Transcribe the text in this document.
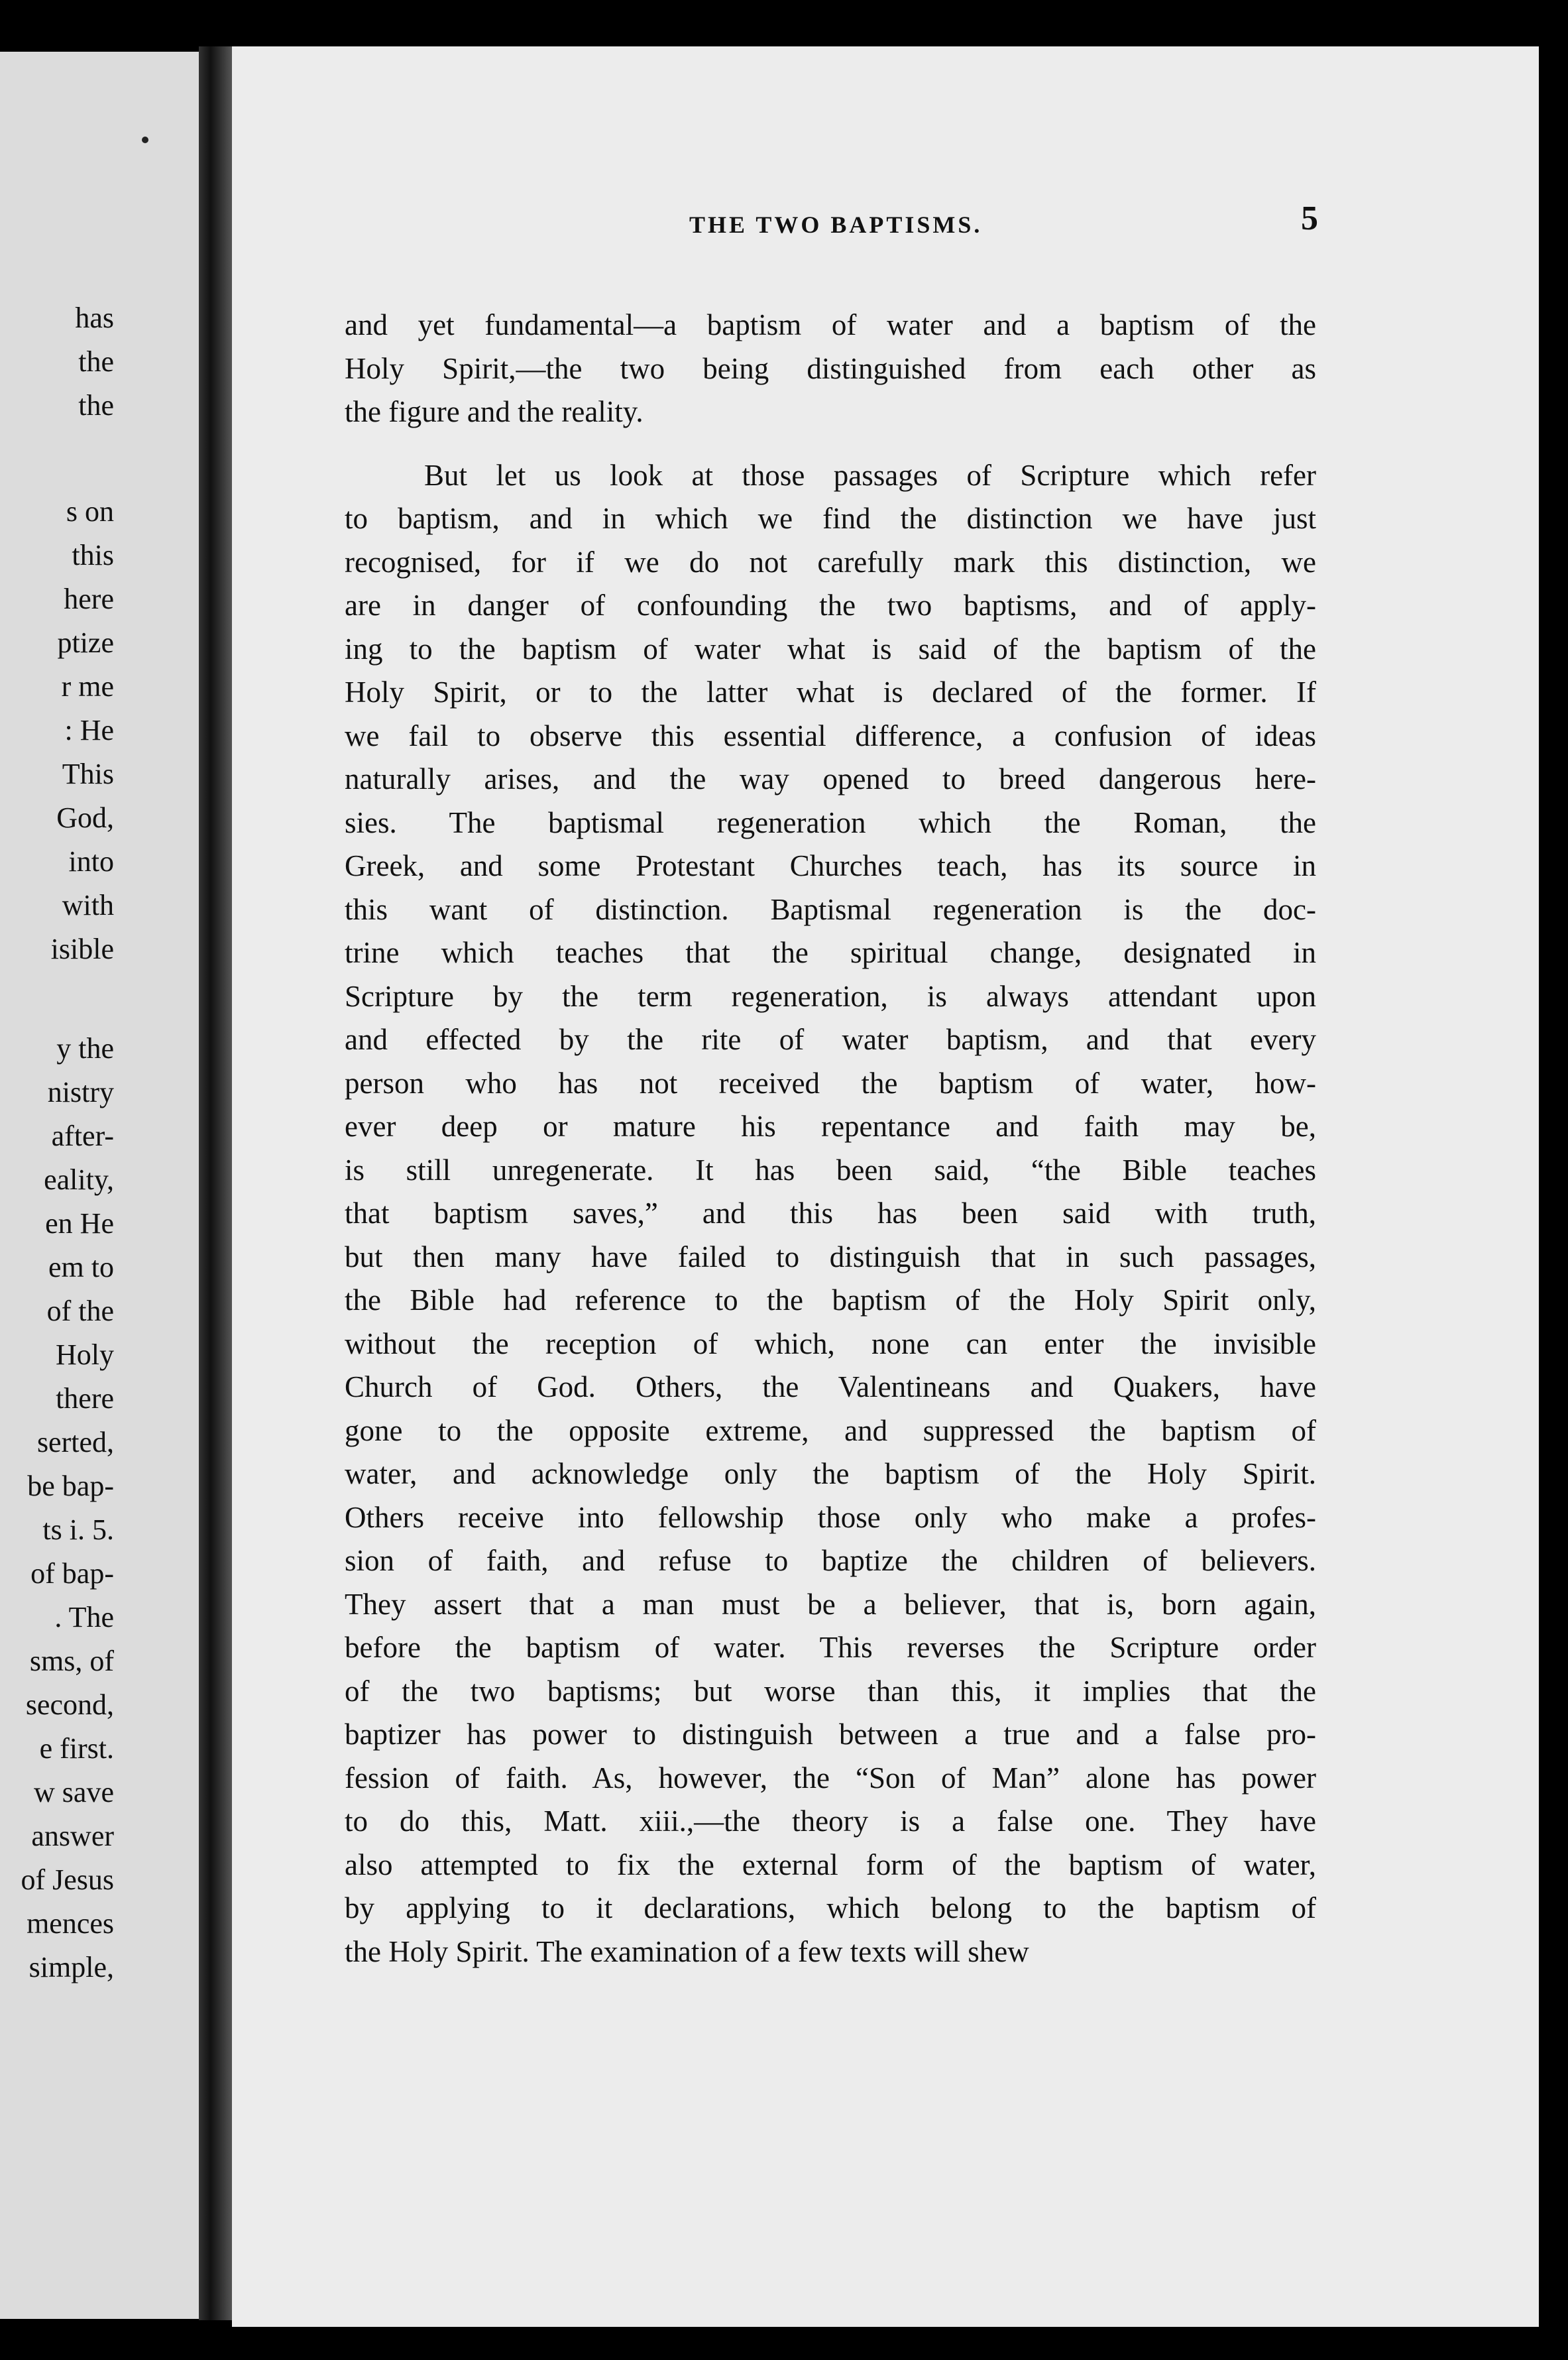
has
the
the
s on
this
here
ptize
r me
: He
This
God,
into
with
isible
y the
nistry
after-
eality,
en He
em to
of the
Holy
there
serted,
be bap-
ts i. 5.
of bap-
. The
sms, of
second,
e first.
w save
answer
of Jesus
mences
simple,
THE TWO BAPTISMS.	5
and yet fundamental—a baptism of water and a baptism of the
Holy Spirit,—the two being distinguished from each other as
the figure and the reality.
But let us look at those passages of Scripture which refer
to baptism, and in which we find the distinction we have just
recognised, for if we do not carefully mark this distinction, we
are in danger of confounding the two baptisms, and of apply-
ing to the baptism of water what is said of the baptism of the
Holy Spirit, or to the latter what is declared of the former. If
we fail to observe this essential difference, a confusion of ideas
naturally arises, and the way opened to breed dangerous here-
sies. The baptismal regeneration which the Roman, the
Greek, and some Protestant Churches teach, has its source in
this want of distinction. Baptismal regeneration is the doc-
trine which teaches that the spiritual change, designated in
Scripture by the term regeneration, is always attendant upon
and effected by the rite of water baptism, and that every
person who has not received the baptism of water, how-
ever deep or mature his repentance and faith may be,
is still unregenerate. It has been said, “the Bible teaches
that baptism saves,” and this has been said with truth,
but then many have failed to distinguish that in such passages,
the Bible had reference to the baptism of the Holy Spirit only,
without the reception of which, none can enter the invisible
Church of God. Others, the Valentineans and Quakers, have
gone to the opposite extreme, and suppressed the baptism of
water, and acknowledge only the baptism of the Holy Spirit.
Others receive into fellowship those only who make a profes-
sion of faith, and refuse to baptize the children of believers.
They assert that a man must be a believer, that is, born again,
before the baptism of water. This reverses the Scripture order
of the two baptisms; but worse than this, it implies that the
baptizer has power to distinguish between a true and a false pro-
fession of faith. As, however, the “Son of Man” alone has power
to do this, Matt. xiii.,—the theory is a false one. They have
also attempted to fix the external form of the baptism of water,
by applying to it declarations, which belong to the baptism of
the Holy Spirit. The examination of a few texts will shew
